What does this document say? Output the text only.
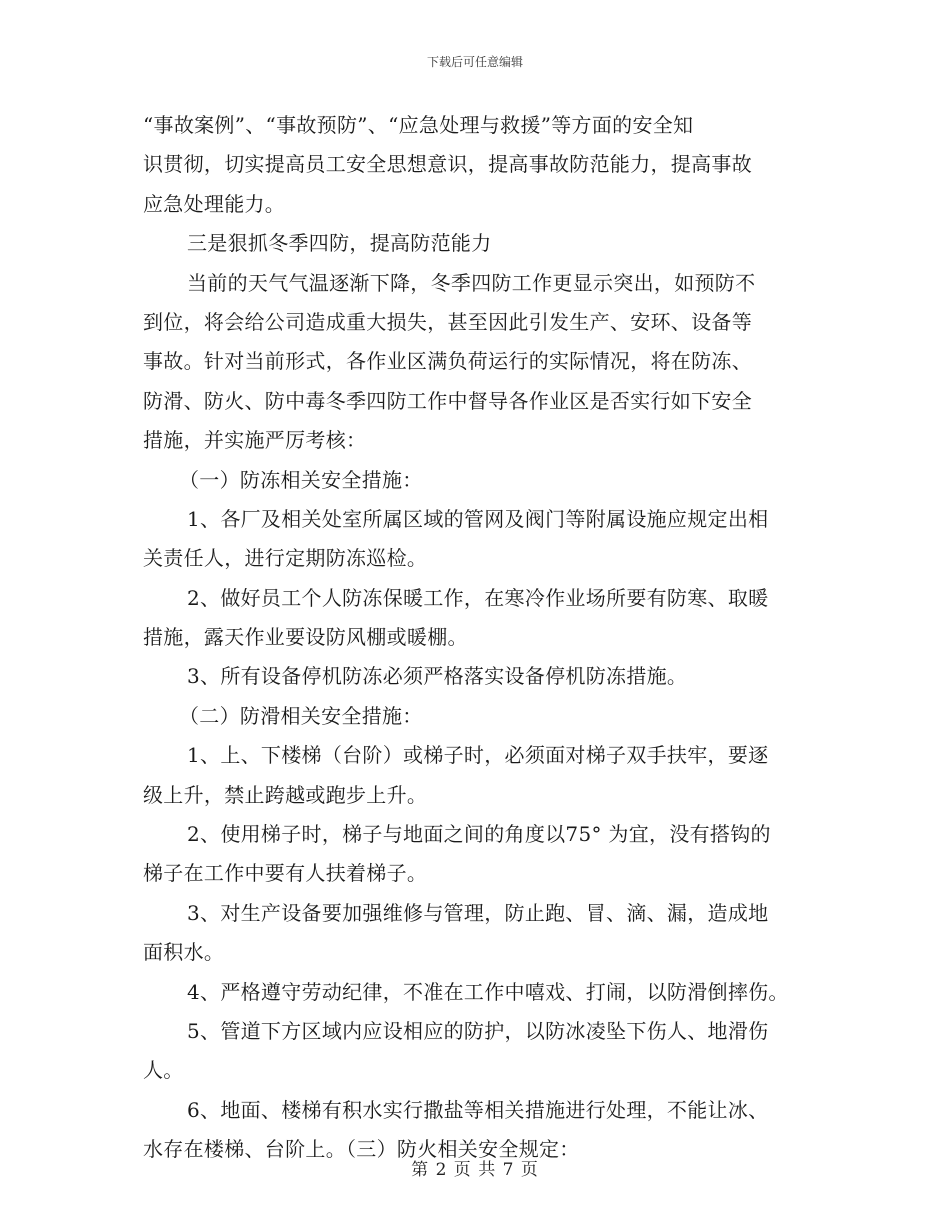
下载后可任意编辑
“事故案例”、“事故预防”、“应急处理与救援”等方面的安全知
识贯彻，切实提高员工安全思想意识，提高事故防范能力，提高事故
应急处理能力。
三是狠抓冬季四防，提高防范能力
当前的天气气温逐渐下降，冬季四防工作更显示突出，如预防不
到位，将会给公司造成重大损失，甚至因此引发生产、安环、设备等
事故。针对当前形式，各作业区满负荷运行的实际情况，将在防冻、
防滑、防火、防中毒冬季四防工作中督导各作业区是否实行如下安全
措施，并实施严厉考核：
（一）防冻相关安全措施：
1、各厂及相关处室所属区域的管网及阀门等附属设施应规定出相
关责任人，进行定期防冻巡检。
2、做好员工个人防冻保暖工作，在寒冷作业场所要有防寒、取暖
措施，露天作业要设防风棚或暖棚。
3、所有设备停机防冻必须严格落实设备停机防冻措施。
（二）防滑相关安全措施：
1、上、下楼梯（台阶）或梯子时，必须面对梯子双手扶牢，要逐
级上升，禁止跨越或跑步上升。
2、使用梯子时，梯子与地面之间的角度以75° 为宜，没有搭钩的
梯子在工作中要有人扶着梯子。
3、对生产设备要加强维修与管理，防止跑、冒、滴、漏，造成地
面积水。
4、严格遵守劳动纪律，不准在工作中嘻戏、打闹，以防滑倒摔伤。
5、管道下方区域内应设相应的防护，以防冰凌坠下伤人、地滑伤
人。
6、地面、楼梯有积水实行撒盐等相关措施进行处理，不能让冰、
水存在楼梯、台阶上。（三）防火相关安全规定：
第 2 页 共 7 页
